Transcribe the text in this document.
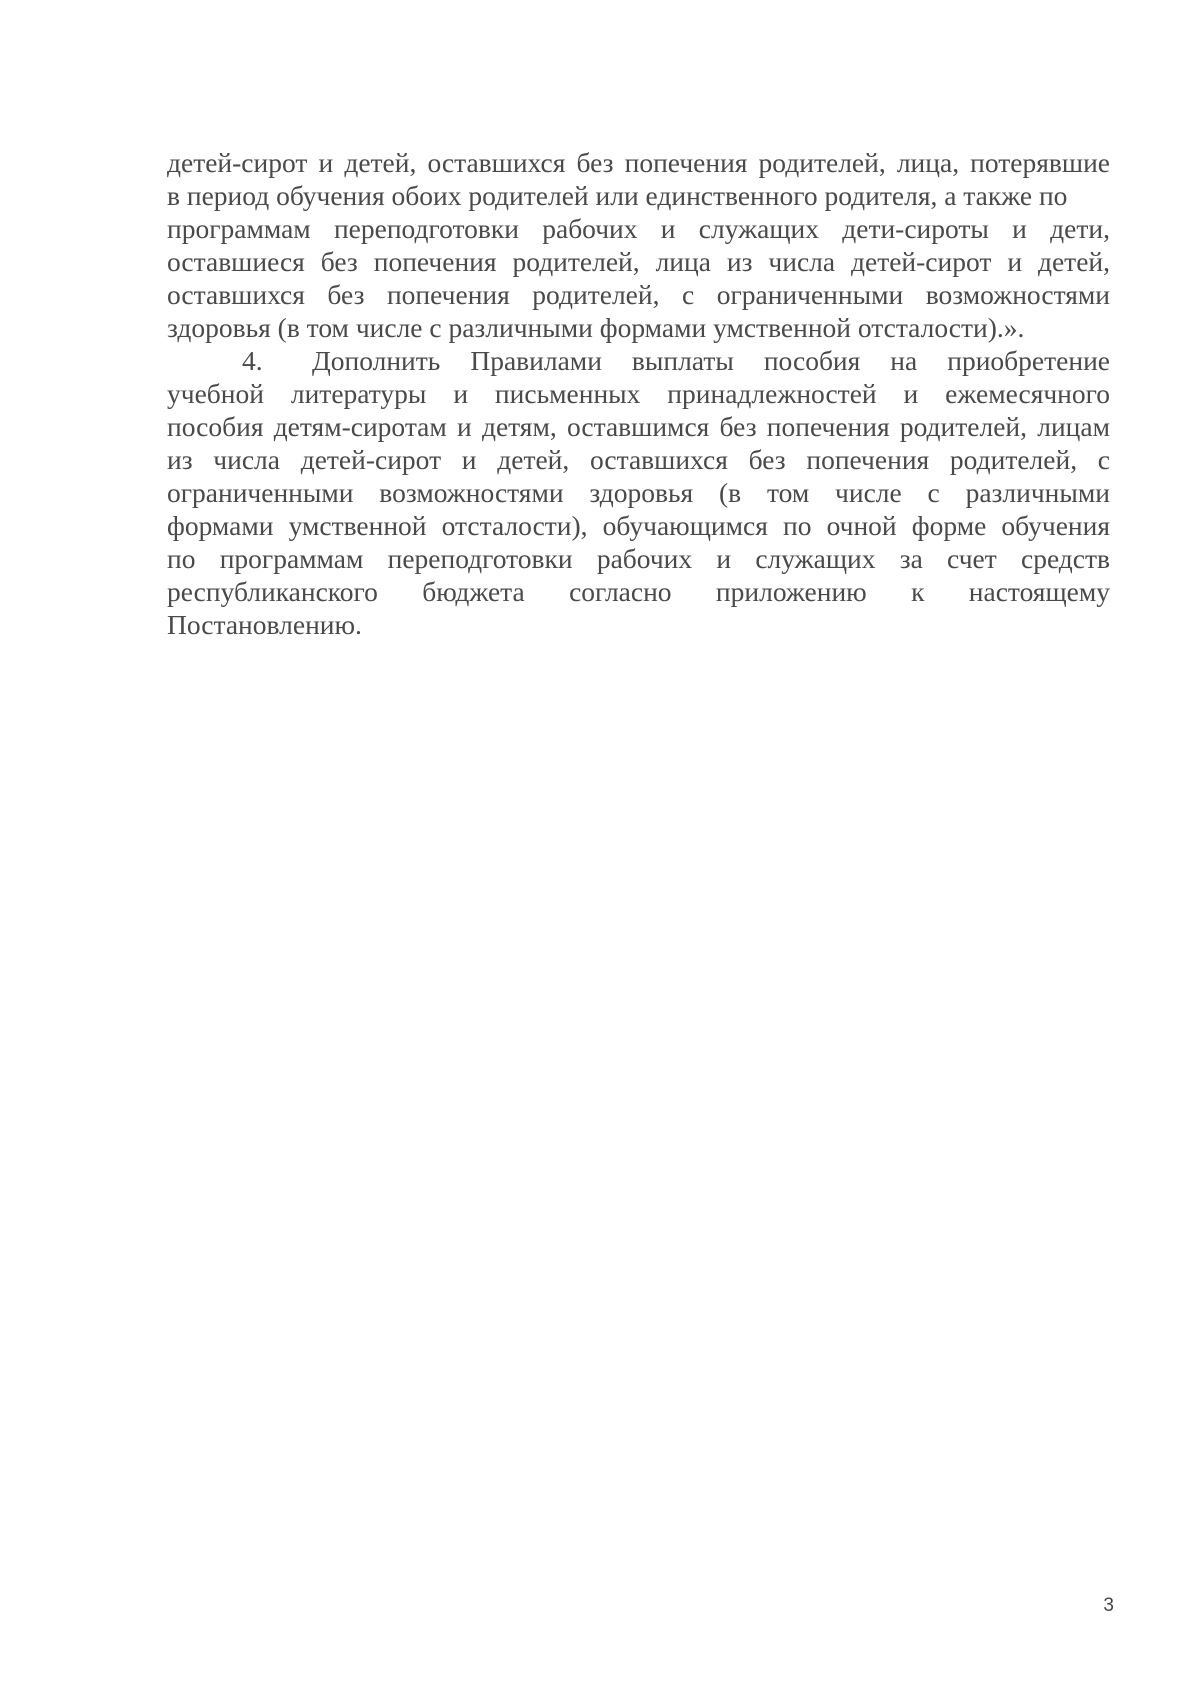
детей-сирот и детей, оставшихся без попечения родителей, лица, потерявшие
в период обучения обоих родителей или единственного родителя, а также по
программам переподготовки рабочих и служащих дети-сироты и дети,
оставшиеся без попечения родителей, лица из числа детей-сирот и детей,
оставшихся без попечения родителей, с ограниченными возможностями
здоровья (в том числе с различными формами умственной отсталости).».
4.	Дополнить Правилами выплаты пособия на приобретение
учебной литературы и письменных принадлежностей и ежемесячного
пособия детям-сиротам и детям, оставшимся без попечения родителей, лицам
из числа детей-сирот и детей, оставшихся без попечения родителей, с
ограниченными возможностями здоровья (в том числе с различными
формами умственной отсталости), обучающимся по очной форме обучения
по программам переподготовки рабочих и служащих за счет средств
республиканского бюджета согласно приложению к настоящему
Постановлению.
3
